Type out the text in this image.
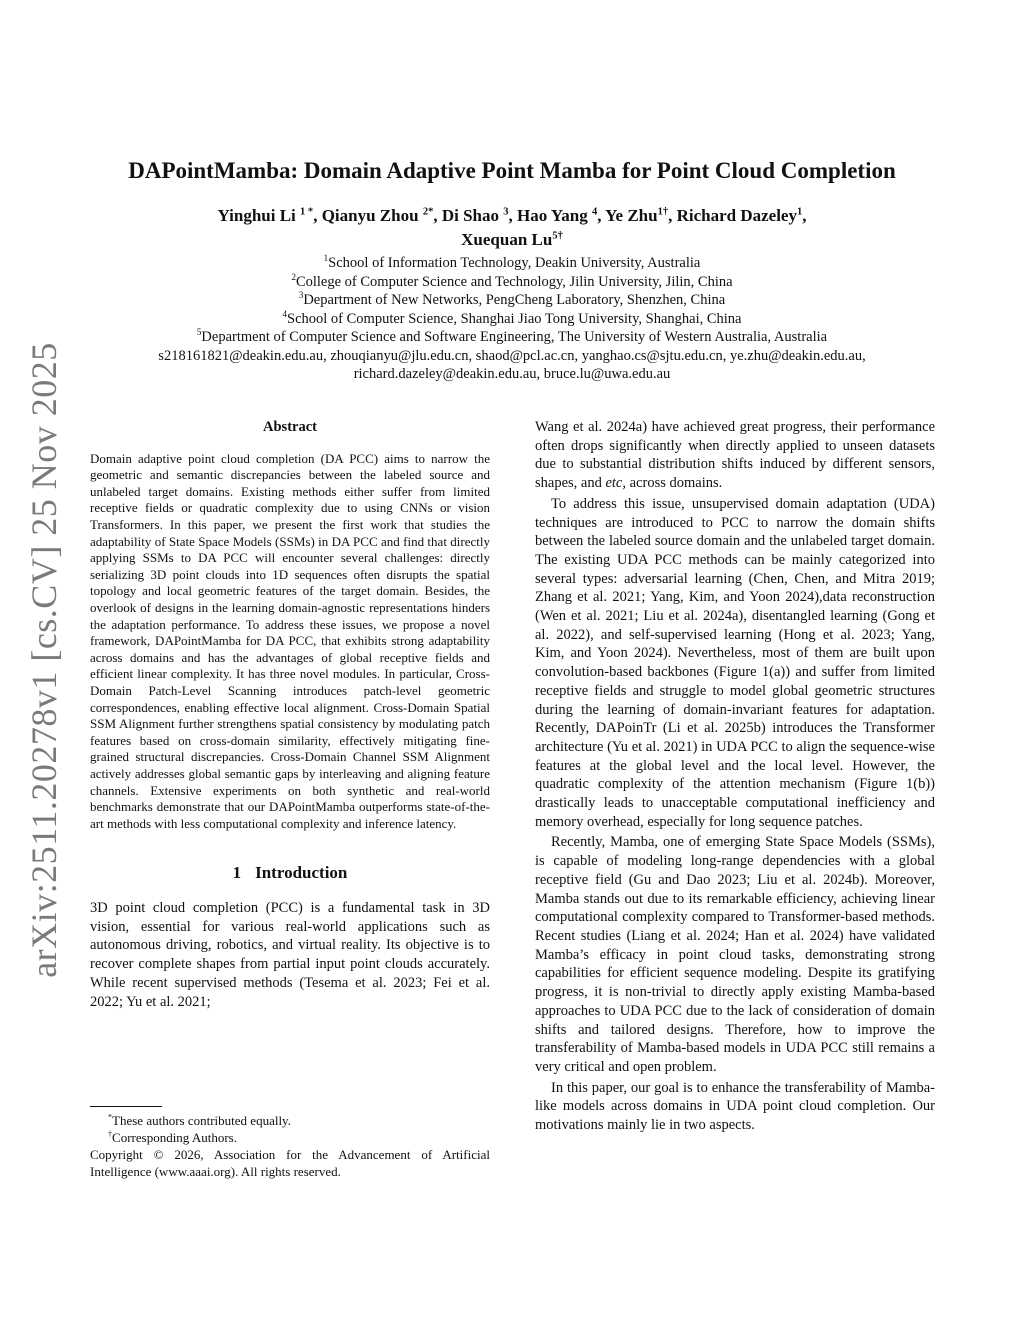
arXiv:2511.20278v1 [cs.CV] 25 Nov 2025
DAPointMamba: Domain Adaptive Point Mamba for Point Cloud Completion
Yinghui Li $^{1 *}$, Qianyu Zhou $^{2*}$, Di Shao $^3$, Hao Yang $^4$, Ye Zhu$^{1\dagger}$, Richard Dazeley$^1$,
Xuequan $Lu^{5\dagger}$
$^1$School of Information Technology, Deakin University, Australia
$^2$College of Computer Science and Technology, Jilin University, Jilin, China
$^3$Department of New Networks, PengCheng Laboratory, Shenzhen, China
$^4$School of Computer Science, Shanghai Jiao Tong University, Shanghai, China
$^5$Department of Computer Science and Software Engineering, The University of Western Australia, Australia
s218161821@deakin.edu.au, zhouqianyu@jlu.edu.cn, shaod@pcl.ac.cn, yanghao.cs@sjtu.edu.cn, ye.zhu@deakin.edu.au,
richard.dazeley@deakin.edu.au, bruce.lu@uwa.edu.au
Abstract

Domain adaptive point cloud completion (DA PCC) aims to narrow the geometric and semantic discrepancies between the labeled source and unlabeled target domains. Existing methods either suffer from limited receptive fields or quadratic complexity due to using CNNs or vision Transformers. In this paper, we present the first work that studies the adaptability of State Space Models (SSMs) in DA PCC and find that directly applying SSMs to DA PCC will encounter several challenges: directly serializing 3D point clouds into 1D sequences often disrupts the spatial topology and local geometric features of the target domain. Besides, the overlook of designs in the learning domain-agnostic representations hinders the adaptation performance. To address these issues, we propose a novel framework, DAPointMamba for DA PCC, that exhibits strong adaptability across domains and has the advantages of global receptive fields and efficient linear complexity. It has three novel modules. In particular, Cross-Domain Patch-Level Scanning introduces patch-level geometric correspondences, enabling effective local alignment. Cross-Domain Spatial SSM Alignment further strengthens spatial consistency by modulating patch features based on cross-domain similarity, effectively mitigating fine-grained structural discrepancies. Cross-Domain Channel SSM Alignment actively addresses global semantic gaps by interleaving and aligning feature channels. Extensive experiments on both synthetic and real-world benchmarks demonstrate that our DAPointMamba outperforms state-of-the-art methods with less computational complexity and inference latency.

1 Introduction

3D point cloud completion (PCC) is a fundamental task in 3D vision, essential for various real-world applications such as autonomous driving, robotics, and virtual reality. Its objective is to recover complete shapes from partial input point clouds accurately. While recent supervised methods (Tesema et al. 2023; Fei et al. 2022; Yu et al. 2021;

*These authors contributed equally.
†Corresponding Authors.
Copyright © 2026, Association for the Advancement of Artificial Intelligence (www.aaai.org). All rights reserved.

Wang et al. 2024a) have achieved great progress, their performance often drops significantly when directly applied to unseen datasets due to substantial distribution shifts induced by different sensors, shapes, and etc, across domains.

To address this issue, unsupervised domain adaptation (UDA) techniques are introduced to PCC to narrow the domain shifts between the labeled source domain and the unlabeled target domain. The existing UDA PCC methods can be mainly categorized into several types: adversarial learning (Chen, Chen, and Mitra 2019; Zhang et al. 2021; Yang, Kim, and Yoon 2024),data reconstruction (Wen et al. 2021; Liu et al. 2024a), disentangled learning (Gong et al. 2022), and self-supervised learning (Hong et al. 2023; Yang, Kim, and Yoon 2024). Nevertheless, most of them are built upon convolution-based backbones (Figure 1(a)) and suffer from limited receptive fields and struggle to model global geometric structures during the learning of domain-invariant features for adaptation. Recently, DAPoinTr (Li et al. 2025b) introduces the Transformer architecture (Yu et al. 2021) in UDA PCC to align the sequence-wise features at the global level and the local level. However, the quadratic complexity of the attention mechanism (Figure 1(b)) drastically leads to unacceptable computational inefficiency and memory overhead, especially for long sequence patches.

Recently, Mamba, one of emerging State Space Models (SSMs), is capable of modeling long-range dependencies with a global receptive field (Gu and Dao 2023; Liu et al. 2024b). Moreover, Mamba stands out due to its remarkable efficiency, achieving linear computational complexity compared to Transformer-based methods. Recent studies (Liang et al. 2024; Han et al. 2024) have validated Mamba’s efficacy in point cloud tasks, demonstrating strong capabilities for efficient sequence modeling. Despite its gratifying progress, it is non-trivial to directly apply existing Mamba-based approaches to UDA PCC due to the lack of consideration of domain shifts and tailored designs. Therefore, how to improve the transferability of Mamba-based models in UDA PCC still remains a very critical and open problem.

In this paper, our goal is to enhance the transferability of Mamba-like models across domains in UDA point cloud completion. Our motivations mainly lie in two aspects.
